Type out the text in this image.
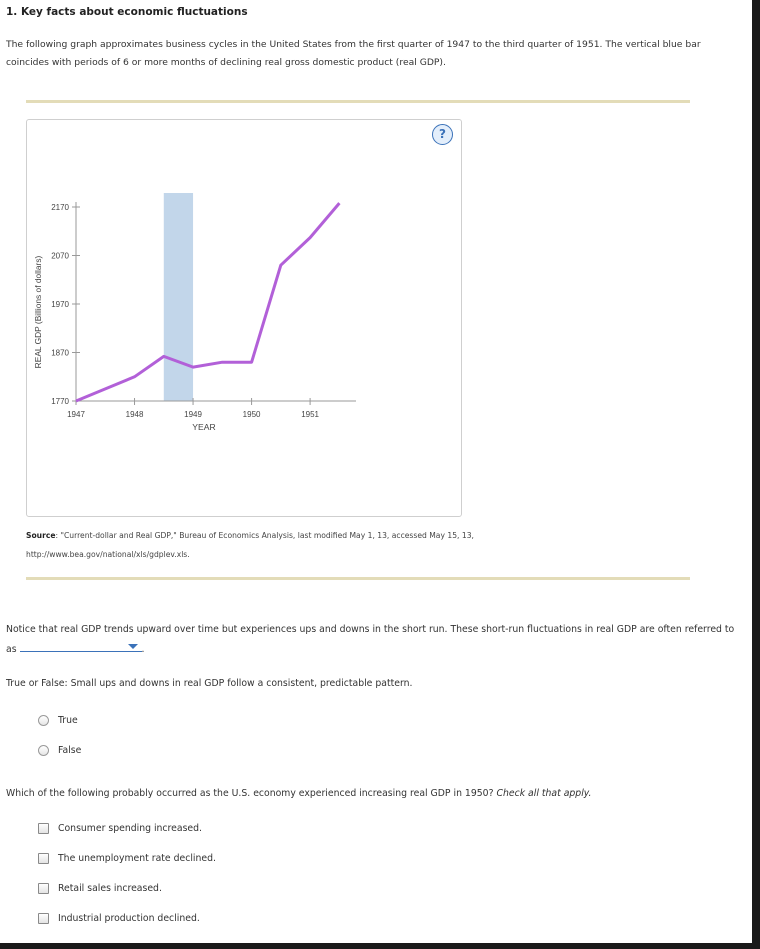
1. Key facts about economic fluctuations
The following graph approximates business cycles in the United States from the first quarter of 1947 to the third quarter of 1951. The vertical blue bar coincides with periods of 6 or more months of declining real gross domestic product (real GDP).
?
2170
2070
1970
1870
1770
1947	1948	1949	1950	1951
YEAR
REAL GDP (Billions of dollars)
Source: "Current-dollar and Real GDP," Bureau of Economics Analysis, last modified May 1, 13, accessed May 15, 13,
http://www.bea.gov/national/xls/gdplev.xls.
Notice that real GDP trends upward over time but experiences ups and downs in the short run. These short-run fluctuations in real GDP are often referred to as	.
True or False: Small ups and downs in real GDP follow a consistent, predictable pattern.
True
False
Which of the following probably occurred as the U.S. economy experienced increasing real GDP in 1950? Check all that apply.
Consumer spending increased.
The unemployment rate declined.
Retail sales increased.
Industrial production declined.
